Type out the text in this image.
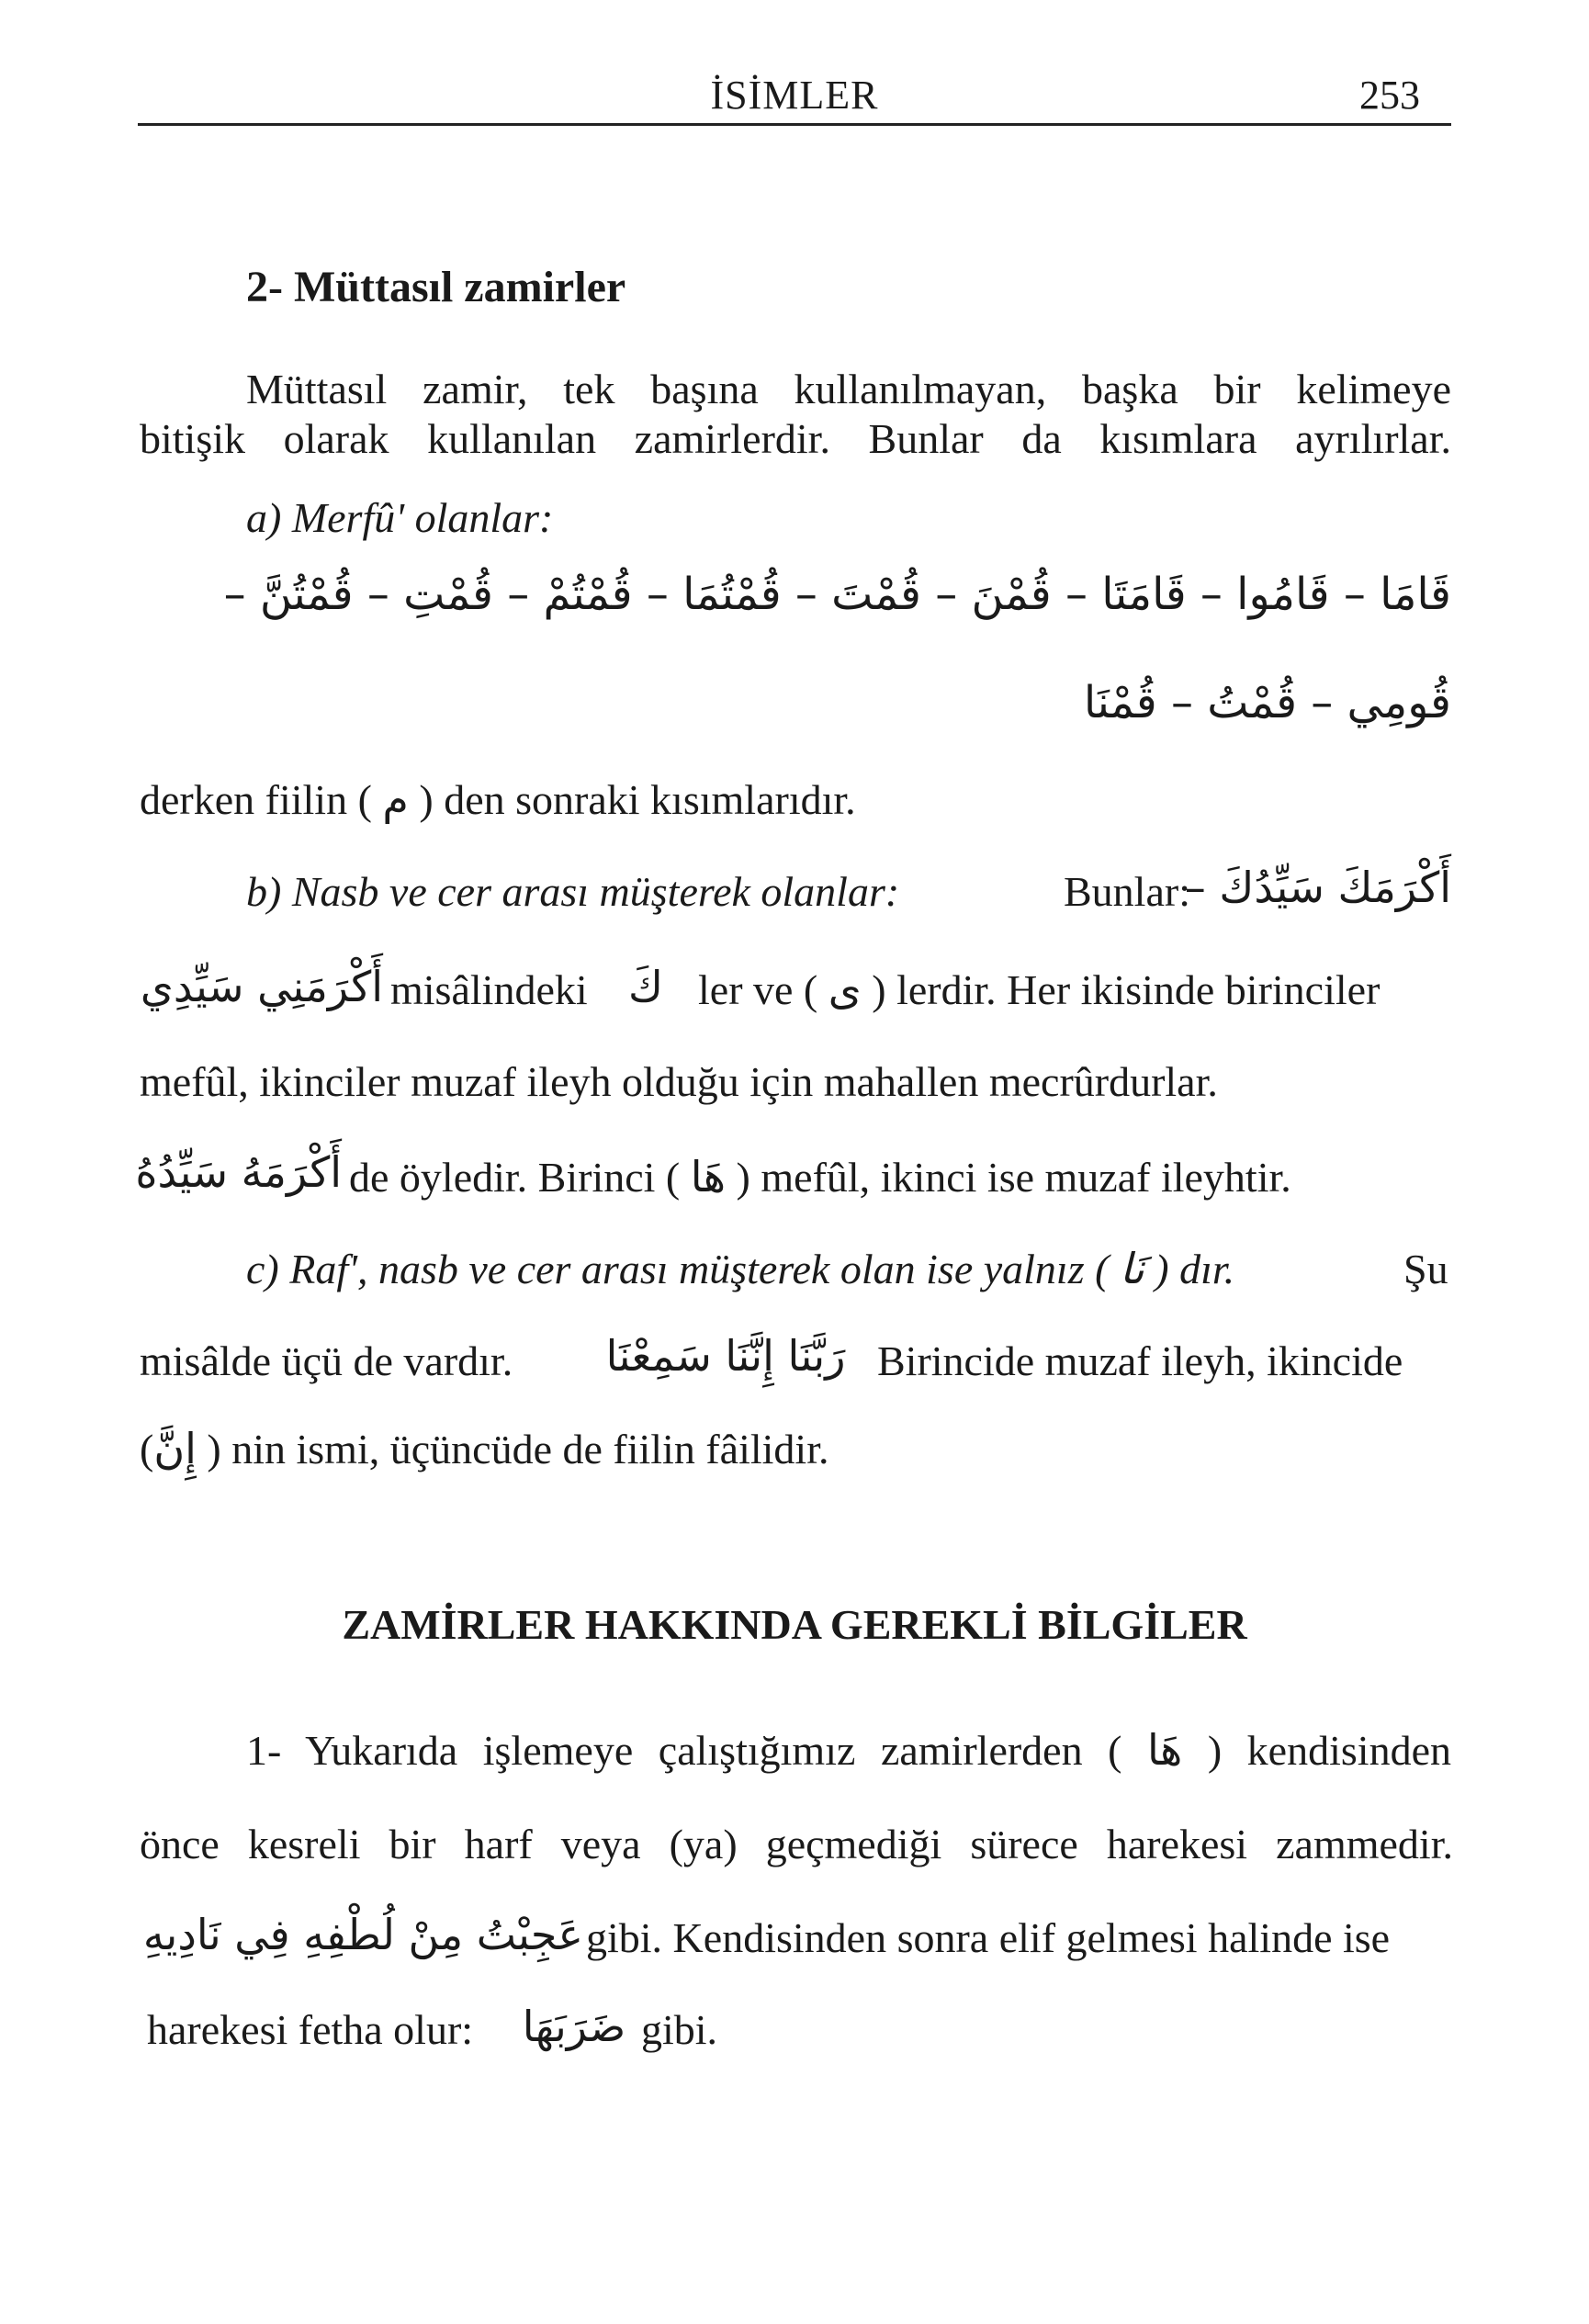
İSİMLER	253
2- Müttasıl zamirler
Müttasıl zamir, tek başına kullanılmayan, başka bir kelimeye
bitişik olarak kullanılan zamirlerdir. Bunlar da kısımlara ayrılırlar.
a) Merfû' olanlar:
قَامَا – قَامُوا – قَامَتَا – قُمْنَ – قُمْتَ – قُمْتُمَا – قُمْتُمْ – قُمْتِ – قُمْتُنَّ –
قُومِي – قُمْتُ – قُمْنَا
derken fiilin ( م ) den sonraki kısımlarıdır.
b) Nasb ve cer arası müşterek olanlar:	Bunlar:
أَكْرَمَكَ سَيِّدُكَ –
أَكْرَمَنِي سَيِّدِي misâlindeki كَ ler ve ( ى ) lerdir. Her ikisinde birinciler
mefûl, ikinciler muzaf ileyh olduğu için mahallen mecrûrdurlar.
أَكْرَمَهُ سَيِّدُهُ de öyledir. Birinci ( هَا ) mefûl, ikinci ise muzaf ileyhtir.
c) Raf', nasb ve cer arası müşterek olan ise yalnız ( نَا ) dır.	Şu
misâlde üçü de vardır.	رَبَّنَا إِنَّنَا سَمِعْنَا Birincide muzaf ileyh, ikincide
(إِنَّ ) nin ismi, üçüncüde de fiilin fâilidir.
ZAMİRLER HAKKINDA GEREKLİ BİLGİLER
1- Yukarıda işlemeye çalıştığımız zamirlerden ( هَا ) kendisinden
önce kesreli bir harf veya (ya) geçmediği sürece harekesi zammedir.
عَجِبْتُ مِنْ لُطْفِهِ فِي نَادِيهِ gibi. Kendisinden sonra elif gelmesi halinde ise
harekesi fetha olur: ضَرَبَهَا gibi.
